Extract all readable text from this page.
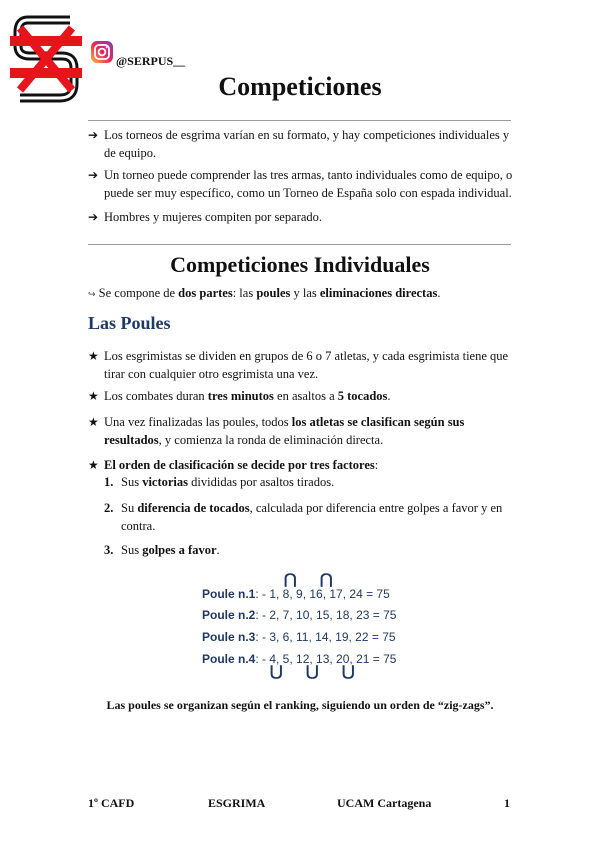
@SERPUS__
Competiciones
➔ Los torneos de esgrima varían en su formato, y hay competiciones individuales y de equipo.
➔ Un torneo puede comprender las tres armas, tanto individuales como de equipo, o puede ser muy específico, como un Torneo de España solo con espada individual.
➔ Hombres y mujeres compiten por separado.
Competiciones Individuales
↪ Se compone de dos partes: las poules y las eliminaciones directas.
Las Poules
★ Los esgrimistas se dividen en grupos de 6 o 7 atletas, y cada esgrimista tiene que tirar con cualquier otro esgrimista una vez.
★ Los combates duran tres minutos en asaltos a 5 tocados.
★ Una vez finalizadas las poules, todos los atletas se clasifican según sus resultados, y comienza la ronda de eliminación directa.
★ El orden de clasificación se decide por tres factores:
1. Sus victorias divididas por asaltos tirados.
2. Su diferencia de tocados, calculada por diferencia entre golpes a favor y en contra.
3. Sus golpes a favor.
⋂ ⋂
Poule n.1: - 1, 8, 9, 16, 17, 24 = 75
Poule n.2: - 2, 7, 10, 15, 18, 23 = 75
Poule n.3: - 3, 6, 11, 14, 19, 22 = 75
Poule n.4: - 4, 5, 12, 13, 20, 21 = 75
⋃ ⋃ ⋃
Las poules se organizan según el ranking, siguiendo un orden de “zig-zags”.
1º CAFD	ESGRIMA	UCAM Cartagena	1
